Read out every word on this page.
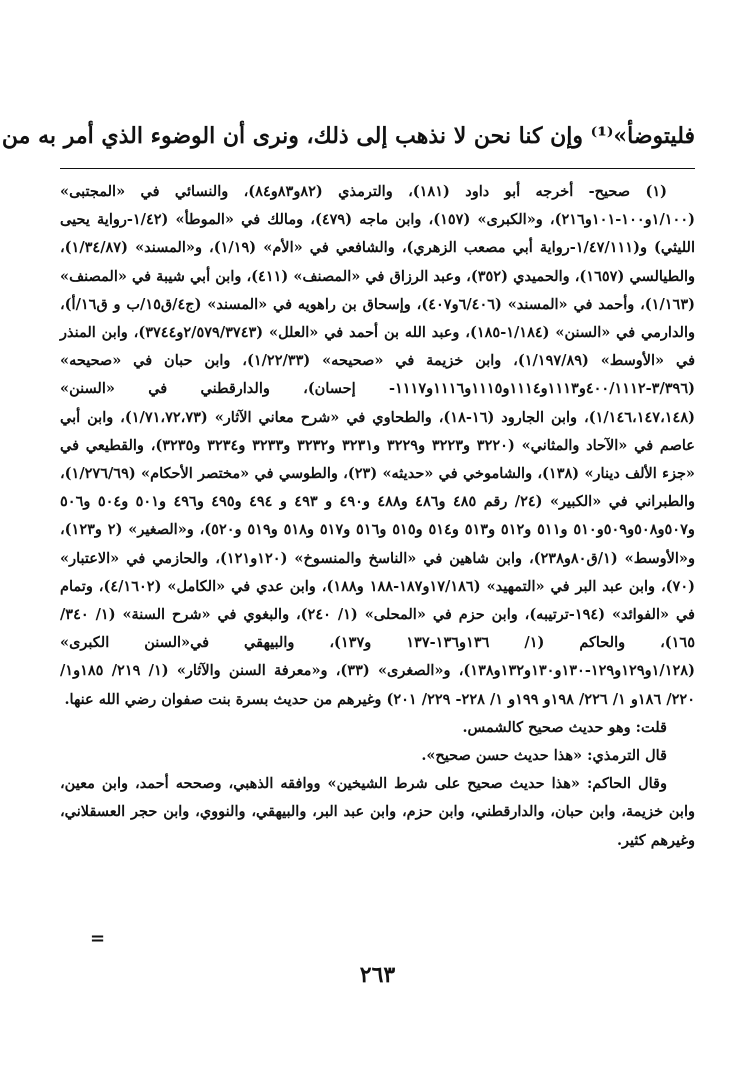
فليتوضأ»⁽¹⁾ وإن كنا نحن لا نذهب إلى ذلك، ونرى أن الوضوء الذي أمر به من

(١) صحيح- أخرجه أبو داود (١٨١)، والترمذي (٨٢و٨٣و٨٤)، والنسائي في «المجتبى» (١/١٠٠و١٠٠-١٠١و٢١٦)، و«الكبرى» (١٥٧)، وابن ماجه (٤٧٩)، ومالك في «الموطأ» (١/٤٢-رواية يحيى الليثي) و(١/٤٧/١١١-رواية أبي مصعب الزهري)، والشافعي في «الأم» (١/١٩)، و«المسند» (١/٣٤/٨٧)، والطيالسي (١٦٥٧)، والحميدي (٣٥٢)، وعبد الرزاق في «المصنف» (٤١١)، وابن أبي شيبة في «المصنف» (١/١٦٣)، وأحمد في «المسند» (٦/٤٠٦و٤٠٧)، وإسحاق بن راهويه في «المسند» (ج٤/ق١٥/ب و ق١٦/أ)، والدارمي في «السنن» (١/١٨٤-١٨٥)، وعبد الله بن أحمد في «العلل» (٢/٥٧٩/٣٧٤٣و٣٧٤٤)، وابن المنذر في «الأوسط» (١/١٩٧/٨٩)، وابن خزيمة في «صحيحه» (١/٢٢/٣٣)، وابن حبان في «صحيحه» (٣/٣٩٦-٤٠٠/١١١٢و١١١٣و١١١٤و١١١٥و١١١٦و١١١٧- إحسان)، والدارقطني في «السنن» (١/١٤٦،١٤٧،١٤٨)، وابن الجارود (١٦-١٨)، والطحاوي في «شرح معاني الآثار» (١/٧١،٧٢،٧٣)، وابن أبي عاصم في «الآحاد والمثاني» (٣٢٢٠ و٣٢٢٣ و٣٢٢٩ و٣٢٣١ و٣٢٣٢ و٣٢٣٣ و٣٢٣٤ و٣٢٣٥)، والقطيعي في «جزء الألف دينار» (١٣٨)، والشاموخي في «حديثه» (٢٣)، والطوسي في «مختصر الأحكام» (١/٢٧٦/٦٩)، والطبراني في «الكبير» (٢٤/ رقم ٤٨٥ و٤٨٦ و٤٨٨ و٤٩٠ و ٤٩٣ و ٤٩٤ و٤٩٥ و٤٩٦ و٥٠١ و٥٠٤ و٥٠٦ و٥٠٧و٥٠٨و٥٠٩و٥١٠ و٥١١ و٥١٢ و٥١٣ و٥١٤ و٥١٥ و٥١٦ و٥١٧ و٥١٨ و٥١٩ و٥٢٠)، و«الصغير» (٢ و١٢٣)، و«الأوسط» (١/ق٨٠و٢٣٨)، وابن شاهين في «الناسخ والمنسوخ» (١٢٠و١٢١)، والحازمي في «الاعتبار» (٧٠)، وابن عبد البر في «التمهيد» (١٧/١٨٦و١٨٧-١٨٨ و١٨٨)، وابن عدي في «الكامل» (٤/١٦٠٢)، وتمام في «الفوائد» (١٩٤-ترتيبه)، وابن حزم في «المحلى» (١/ ٢٤٠)، والبغوي في «شرح السنة» (١/ ٣٤٠/ ١٦٥)، والحاكم (١/ ١٣٦و١٣٦-١٣٧ و١٣٧)، والبيهقي في«السنن الكبرى» (١/١٢٨و١٢٩و١٢٩-١٣٠و١٣٠و١٣٢و١٣٨)، و«الصغرى» (٣٣)، و«معرفة السنن والآثار» (١/ ٢١٩/ ١٨٥و١/ ٢٢٠/ ١٨٦و ١/ ٢٢٦/ ١٩٨و ١٩٩و ١/ ٢٢٨- ٢٢٩/ ٢٠١) وغيرهم من حديث بسرة بنت صفوان رضي الله عنها.

قلت: وهو حديث صحيح كالشمس.

قال الترمذي: «هذا حديث حسن صحيح».

وقال الحاكم: «هذا حديث صحيح على شرط الشيخين» ووافقه الذهبي، وصححه أحمد، وابن معين، وابن خزيمة، وابن حبان، والدارقطني، وابن حزم، وابن عبد البر، والبيهقي، والنووي، وابن حجر العسقلاني، وغيرهم كثير.

=
٢٦٣
